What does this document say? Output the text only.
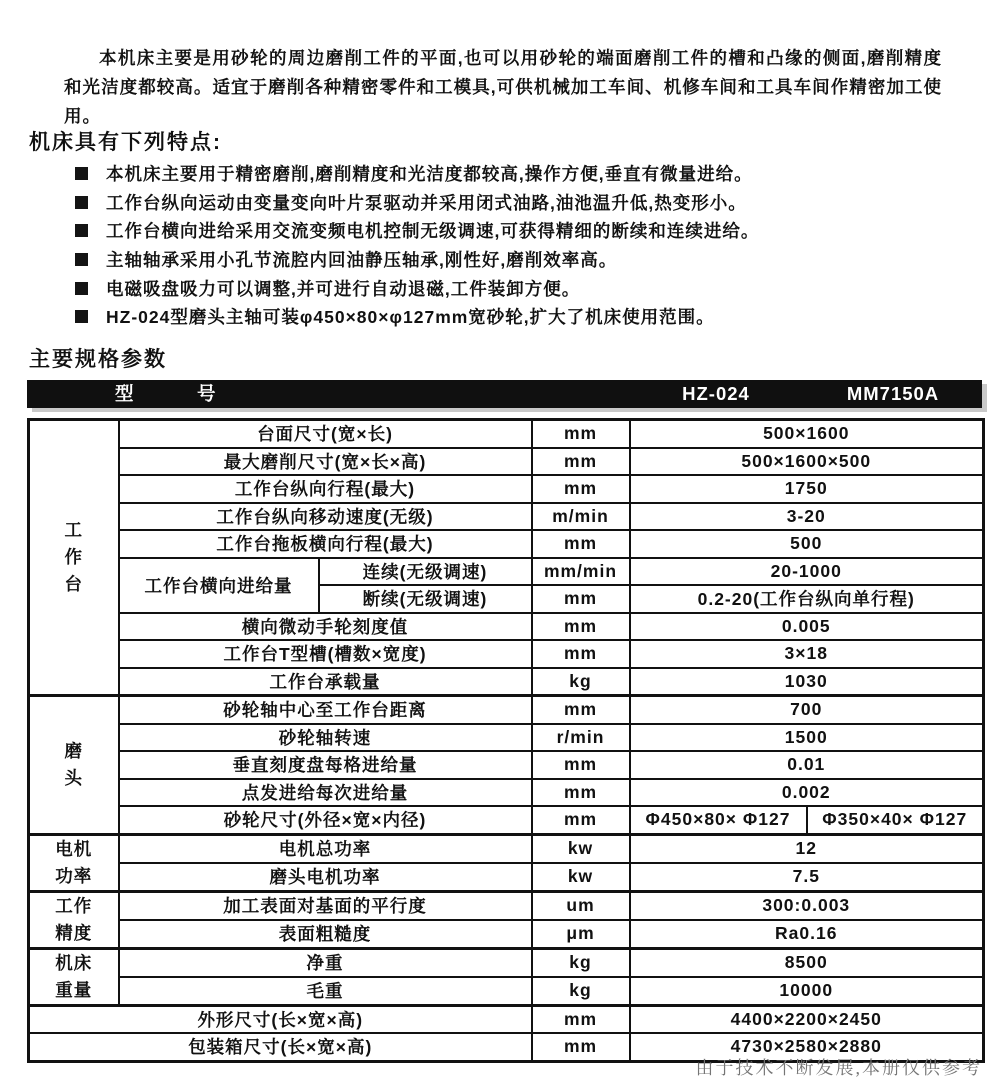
本机床主要是用砂轮的周边磨削工件的平面,也可以用砂轮的端面磨削工件的槽和凸缘的侧面,磨削精度和光洁度都较高。适宜于磨削各种精密零件和工模具,可供机械加工车间、机修车间和工具车间作精密加工使用。

机床具有下列特点:
本机床主要用于精密磨削,磨削精度和光洁度都较高,操作方便,垂直有微量进给。
工作台纵向运动由变量变向叶片泵驱动并采用闭式油路,油池温升低,热变形小。
工作台横向进给采用交流变频电机控制无级调速,可获得精细的断续和连续进给。
主轴轴承采用小孔节流腔内回油静压轴承,刚性好,磨削效率高。
电磁吸盘吸力可以调整,并可进行自动退磁,工件装卸方便。
HZ-024型磨头主轴可装φ450×80×φ127mm宽砂轮,扩大了机床使用范围。
主要规格参数
型　　　号	HZ-024	MM7150A
工
作
台	台面尺寸(宽×长)		mm	500×1600	
	最大磨削尺寸(宽×长×高)		mm	500×1600×500	
	工作台纵向行程(最大)		mm	1750	
	工作台纵向移动速度(无级)		m/min	3-20	
	工作台拖板横向行程(最大)		mm	500	
	工作台横向进给量	连续(无级调速)	mm/min	20-1000	
		断续(无级调速)	mm	0.2-20(工作台纵向单行程)	
	横向微动手轮刻度值		mm	0.005	
	工作台T型槽(槽数×宽度)		mm	3×18	
	工作台承载量		kg	1030	

磨
头	砂轮轴中心至工作台距离		mm	700	
	砂轮轴转速		r/min	1500	
	垂直刻度盘每格进给量		mm	0.01	
	点发进给每次进给量		mm	0.002	
	砂轮尺寸(外径×宽×内径)		mm	Φ450×80× Φ127	Φ350×40× Φ127

电机
功率	电机总功率		kw	12	
	磨头电机功率		kw	7.5	

工作
精度	加工表面对基面的平行度		um	300:0.003	
	表面粗糙度		μm	Ra0.16	

机床
重量	净重		kg	8500	
	毛重		kg	10000	
外形尺寸(长×宽×高)			mm	4400×2200×2450	
包装箱尺寸(长×宽×高)			mm	4730×2580×2880	
由于技术不断发展,本册仅供参考
